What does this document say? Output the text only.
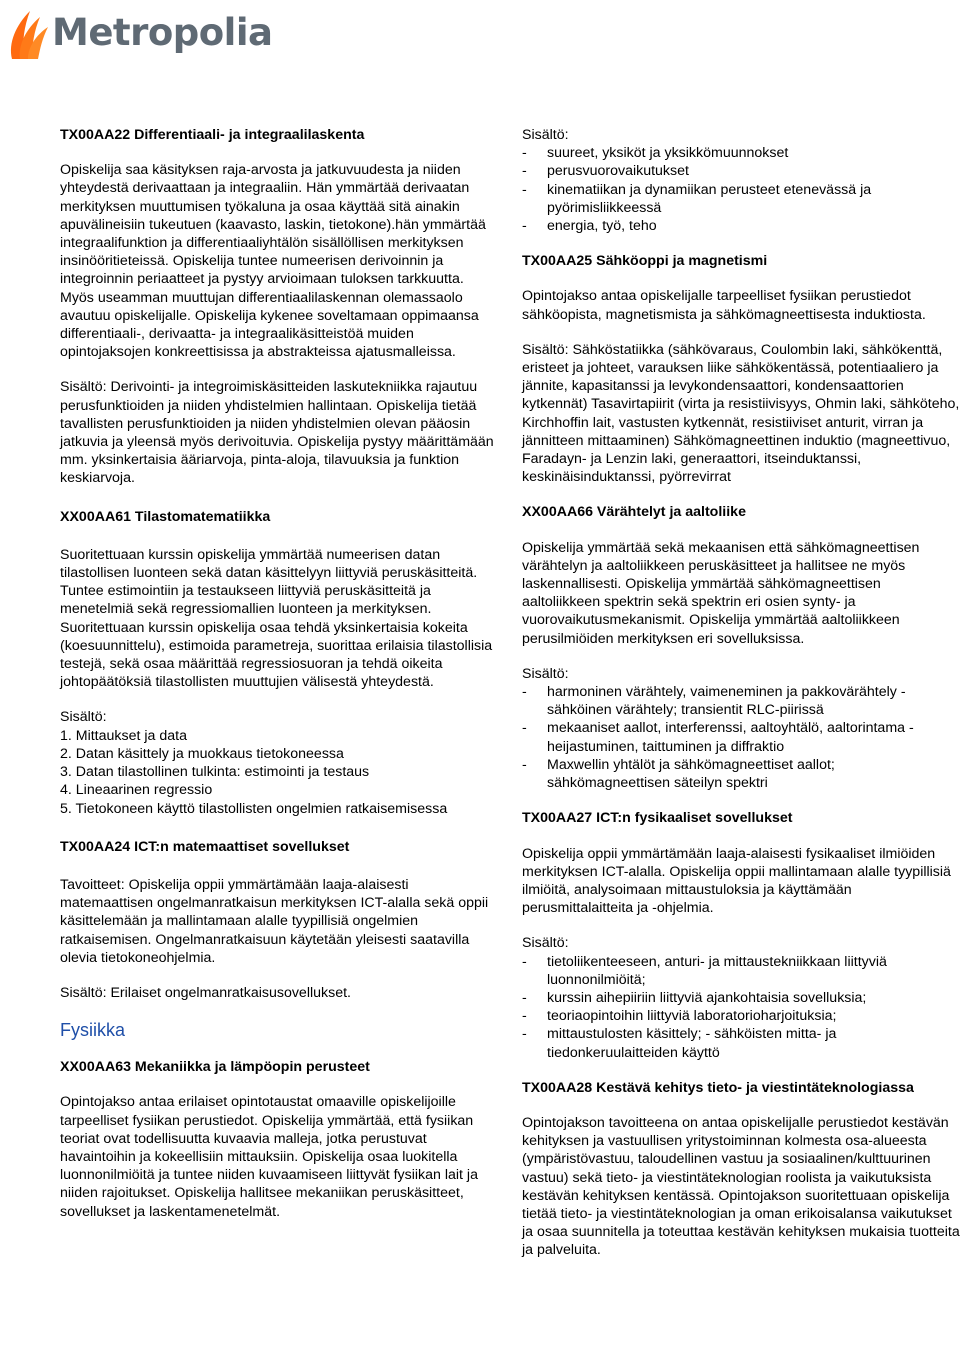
Metropolia

TX00AA22 Differentiaali- ja integraalilaskenta

Opiskelija saa käsityksen raja-arvosta ja jatkuvuudesta ja niiden yhteydestä derivaattaan ja integraaliin. Hän ymmärtää derivaatan merkityksen muuttumisen työkaluna ja osaa käyttää sitä ainakin apuvälineisiin tukeutuen (kaavasto, laskin, tietokone).hän ymmärtää integraalifunktion ja differentiaaliyhtälön sisällöllisen merkityksen insinööritieteissä. Opiskelija tuntee numeerisen derivoinnin ja integroinnin periaatteet ja pystyy arvioimaan tuloksen tarkkuutta. Myös useamman muuttujan differentiaalilaskennan olemassaolo avautuu opiskelijalle. Opiskelija kykenee soveltamaan oppimaansa differentiaali-, derivaatta- ja integraalikäsitteistöä muiden opintojaksojen konkreettisissa ja abstrakteissa ajatusmalleissa.

Sisältö: Derivointi- ja integroimiskäsitteiden laskutekniikka rajautuu perusfunktioiden ja niiden yhdistelmien hallintaan. Opiskelija tietää tavallisten perusfunktioiden ja niiden yhdistelmien olevan pääosin jatkuvia ja yleensä myös derivoituvia. Opiskelija pystyy määrittämään mm. yksinkertaisia ääriarvoja, pinta-aloja, tilavuuksia ja funktion keskiarvoja.

XX00AA61 Tilastomatematiikka

Suoritettuaan kurssin opiskelija ymmärtää numeerisen datan tilastollisen luonteen sekä datan käsittelyyn liittyviä peruskäsitteitä. Tuntee estimointiin ja testaukseen liittyviä peruskäsitteitä ja menetelmiä sekä regressiomallien luonteen ja merkityksen. Suoritettuaan kurssin opiskelija osaa tehdä yksinkertaisia kokeita (koesuunnittelu), estimoida parametreja, suorittaa erilaisia tilastollisia testejä, sekä osaa määrittää regressiosuoran ja tehdä oikeita johtopäätöksiä tilastollisten muuttujien välisestä yhteydestä.

Sisältö:

1. Mittaukset ja data
2. Datan käsittely ja muokkaus tietokoneessa
3. Datan tilastollinen tulkinta: estimointi ja testaus
4. Lineaarinen regressio
5. Tietokoneen käyttö tilastollisten ongelmien ratkaisemisessa

TX00AA24 ICT:n matemaattiset sovellukset

Tavoitteet: Opiskelija oppii ymmärtämään laaja-alaisesti matemaattisen ongelmanratkaisun merkityksen ICT-alalla sekä oppii käsittelemään ja mallintamaan alalle tyypillisiä ongelmien ratkaisemisen. Ongelmanratkaisuun käytetään yleisesti saatavilla olevia tietokoneohjelmia.

Sisältö: Erilaiset ongelmanratkaisusovellukset.

Fysiikka

XX00AA63 Mekaniikka ja lämpöopin perusteet

Opintojakso antaa erilaiset opintotaustat omaaville opiskelijoille tarpeelliset fysiikan perustiedot. Opiskelija ymmärtää, että fysiikan teoriat ovat todellisuutta kuvaavia malleja, jotka perustuvat havaintoihin ja kokeellisiin mittauksiin. Opiskelija osaa luokitella luonnonilmiöitä ja tuntee niiden kuvaamiseen liittyvät fysiikan lait ja niiden rajoitukset. Opiskelija hallitsee mekaniikan peruskäsitteet, sovellukset ja laskentamenetelmät.

Sisältö:

- suureet, yksiköt ja yksikkömuunnokset
- perusvuorovaikutukset
- kinematiikan ja dynamiikan perusteet etenevässä ja pyörimisliikkeessä
- energia, työ, teho

TX00AA25 Sähköoppi ja magnetismi

Opintojakso antaa opiskelijalle tarpeelliset fysiikan perustiedot sähköopista, magnetismista ja sähkömagneettisesta induktiosta.

Sisältö: Sähköstatiikka (sähkövaraus, Coulombin laki, sähkökenttä, eristeet ja johteet, varauksen liike sähkökentässä, potentiaaliero ja jännite, kapasitanssi ja levykondensaattori, kondensaattorien kytkennät) Tasavirtapiirit (virta ja resistiivisyys, Ohmin laki, sähköteho, Kirchhoffin lait, vastusten kytkennät, resistiiviset anturit, virran ja jännitteen mittaaminen) Sähkömagneettinen induktio (magneettivuo, Faradayn- ja Lenzin laki, generaattori, itseinduktanssi, keskinäisinduktanssi, pyörrevirrat

XX00AA66 Värähtelyt ja aaltoliike

Opiskelija ymmärtää sekä mekaanisen että sähkömagneettisen värähtelyn ja aaltoliikkeen peruskäsitteet ja hallitsee ne myös laskennallisesti. Opiskelija ymmärtää sähkömagneettisen aaltoliikkeen spektrin sekä spektrin eri osien synty- ja vuorovaikutusmekanismit. Opiskelija ymmärtää aaltoliikkeen perusilmiöiden merkityksen eri sovelluksissa.

Sisältö:

- harmoninen värähtely, vaimeneminen ja pakkovärähtely - sähköinen värähtely; transientit RLC-piirissä
- mekaaniset aallot, interferenssi, aaltoyhtälö, aaltorintama - heijastuminen, taittuminen ja diffraktio
- Maxwellin yhtälöt ja sähkömagneettiset aallot; sähkömagneettisen säteilyn spektri

TX00AA27 ICT:n fysikaaliset sovellukset

Opiskelija oppii ymmärtämään laaja-alaisesti fysikaaliset ilmiöiden merkityksen ICT-alalla. Opiskelija oppii mallintamaan alalle tyypillisiä ilmiöitä, analysoimaan mittaustuloksia ja käyttämään perusmittalaitteita ja -ohjelmia.

Sisältö:

- tietoliikenteeseen, anturi- ja mittaustekniikkaan liittyviä luonnonilmiöitä;
- kurssin aihepiiriin liittyviä ajankohtaisia sovelluksia;
- teoriaopintoihin liittyviä laboratorioharjoituksia;
- mittaustulosten käsittely; - sähköisten mitta- ja tiedonkeruulaitteiden käyttö

TX00AA28 Kestävä kehitys tieto- ja viestintäteknologiassa

Opintojakson tavoitteena on antaa opiskelijalle perustiedot kestävän kehityksen ja vastuullisen yritystoiminnan kolmesta osa-alueesta (ympäristövastuu, taloudellinen vastuu ja sosiaalinen/kulttuurinen vastuu) sekä tieto- ja viestintäteknologian roolista ja vaikutuksista kestävän kehityksen kentässä. Opintojakson suoritettuaan opiskelija tietää tieto- ja viestintäteknologian ja oman erikoisalansa vaikutukset ja osaa suunnitella ja toteuttaa kestävän kehityksen mukaisia tuotteita ja palveluita.
